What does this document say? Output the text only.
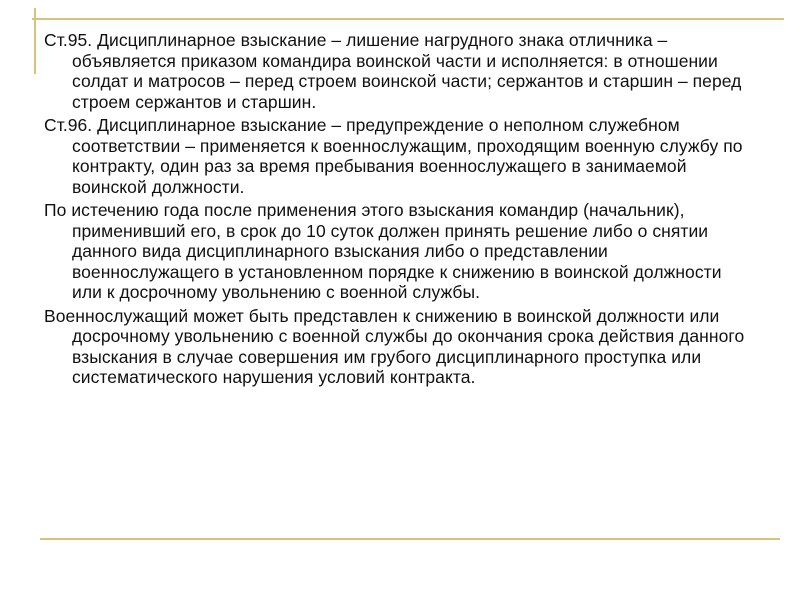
Ст.95. Дисциплинарное взыскание – лишение нагрудного знака отличника – объявляется приказом командира воинской части и исполняется: в отношении солдат и матросов – перед строем воинской части; сержантов и старшин – перед строем сержантов и старшин.

Ст.96. Дисциплинарное взыскание – предупреждение о неполном служебном соответствии – применяется к военнослужащим, проходящим военную службу по контракту, один раз за время пребывания военнослужащего в занимаемой воинской должности.

По истечению года после применения этого взыскания командир (начальник), применивший его, в срок до 10 суток должен принять решение либо о снятии данного вида дисциплинарного взыскания либо о представлении военнослужащего в установленном порядке к снижению в воинской должности или к досрочному увольнению с военной службы.

Военнослужащий может быть представлен к снижению в воинской должности или досрочному увольнению с военной службы до окончания срока действия данного взыскания в случае совершения им грубого дисциплинарного проступка или систематического нарушения условий контракта.
